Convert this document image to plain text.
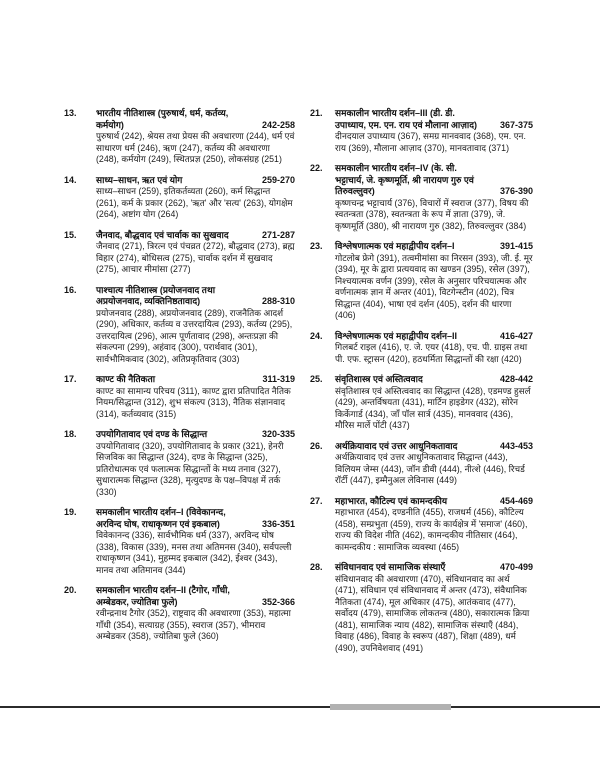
13.	भारतीय नीतिशास्त्र (पुरुषार्थ, धर्म, कर्तव्य, कर्मयोग)	242-258
पुरुषार्थ (242), श्रेयस तथा प्रेयस की अवधारणा (244), धर्म एवं साधारण धर्म (246), ऋण (247), कर्तव्य की अवधारणा (248), कर्मयोग (249), स्थितप्रज्ञ (250), लोकसंग्रह (251)
14.	साध्य–साधन, ऋत एवं योग	259-270
साध्य–साधन (259), इतिकर्तव्यता (260), कर्म सिद्धान्त (261), कर्म के प्रकार (262), 'ऋत' और 'सत्य' (263), योगक्षेम (264), अष्टांग योग (264)
15.	जैनवाद, बौद्धवाद एवं चार्वाक का सुखवाद	271-287
जैनवाद (271), त्रिरत्न एवं पंचव्रत (272), बौद्धवाद (273), ब्रह्म विहार (274), बोधिसत्व (275), चार्वाक दर्शन में सुखवाद (275), आचार मीमांसा (277)
16.	पाश्चात्य नीतिशास्त्र (प्रयोजनवाद तथा अप्रयोजनवाद, व्यक्तिनिष्ठतावाद)	288-310
प्रयोजनवाद (288), अप्रयोजनवाद (289), राजनैतिक आदर्श (290), अधिकार, कर्तव्य व उत्तरदायित्व (293), कर्तव्य (295), उत्तरदायित्व (296), आत्म पूर्णतावाद (298), अन्तःप्रज्ञा की संकल्पना (299), अहंवाद (300), परार्थवाद (301), सार्वभौमिकवाद (302), अतिप्रकृतिवाद (303)
17.	काण्ट की नैतिकता	311-319
काण्ट का सामान्य परिचय (311), काण्ट द्वारा प्रतिपादित नैतिक नियम/सिद्धान्त (312), शुभ संकल्प (313), नैतिक संज्ञानवाद (314), कर्तव्यवाद (315)
18.	उपयोगितावाद एवं दण्ड के सिद्धान्त	320-335
उपयोगितावाद (320), उपयोगितावाद के प्रकार (321), हेनरी सिजविक का सिद्धान्त (324), दण्ड के सिद्धान्त (325), प्रतिरोधात्मक एवं फलात्मक सिद्धान्तों के मध्य तनाव (327), सुधारात्मक सिद्धान्त (328), मृत्युदण्ड के पक्ष–विपक्ष में तर्क (330)
19.	समकालीन भारतीय दर्शन–I (विवेकानन्द, अरविन्द घोष, राधाकृष्णन एवं इकबाल)	336-351
विवेकानन्द (336), सार्वभौमिक धर्म (337), अरविन्द घोष (338), विकास (339), मनस तथा अतिमनस (340), सर्वपल्ली राधाकृष्णन (341), मुहम्मद इकबाल (342), ईश्वर (343), मानव तथा अतिमानव (344)
20.	समकालीन भारतीय दर्शन–II (टैगोर, गाँधी, अम्बेडकर, ज्योतिबा फुले)	352-366
रवीन्द्रनाथ टैगोर (352), राष्ट्रवाद की अवधारणा (353), महात्मा गाँधी (354), सत्याग्रह (355), स्वराज (357), भीमराव अम्बेडकर (358), ज्योतिबा फुले (360)
21.	समकालीन भारतीय दर्शन–III (डी. डी. उपाध्याय, एम. एन. राय एवं मौलाना आज़ाद)	367-375
दीनदयाल उपाध्याय (367), समग्र मानववाद (368), एम. एन. राय (369), मौलाना आज़ाद (370), मानवतावाद (371)
22.	समकालीन भारतीय दर्शन–IV (के. सी. भट्टाचार्य, जे. कृष्णमूर्ति, श्री नारायण गुरु एवं तिरुवल्लुवर)	376-390
कृष्णचन्द्र भट्टाचार्य (376), विचारों में स्वराज (377), विषय की स्वतन्त्रता (378), स्वतन्त्रता के रूप में ज्ञाता (379), जे. कृष्णमूर्ति (380), श्री नारायण गुरु (382), तिरुवल्लुवर (384)
23.	विश्लेषणात्मक एवं महाद्वीपीय दर्शन–I	391-415
गोटलोब फ्रेगे (391), तत्वमीमांसा का निरसन (393), जी. ई. मूर (394), मूर के द्वारा प्रत्ययवाद का खण्डन (395), रसेल (397), निश्चयात्मक वर्णन (399), रसेल के अनुसार परिचयात्मक और वर्णनात्मक ज्ञान में अन्तर (401), विटगेन्स्टीन (402), चित्र सिद्धान्त (404), भाषा एवं दर्शन (405), दर्शन की धारणा (406)
24.	विश्लेषणात्मक एवं महाद्वीपीय दर्शन–II	416-427
गिलबर्ट राइल (416), ए. जे. एयर (418), एच. पी. ग्राइस तथा पी. एफ. स्ट्रासन (420), हठधर्मिता सिद्धान्तों की रक्षा (420)
25.	संवृतिशास्त्र एवं अस्तित्ववाद	428-442
संवृतिशास्त्र एवं अस्तित्ववाद का सिद्धान्त (428), एडमण्ड हुसर्ल (429), अन्तर्विषयता (431), मार्टिन हाइडेगर (432), सोरेन किर्केगार्ड (434), जाँ पॉल सार्त्र (435), मानववाद (436), मौरिस मार्ले पोंटी (437)
26.	अर्थक्रियावाद एवं उत्तर आधुनिकतावाद	443-453
अर्थक्रियावाद एवं उत्तर आधुनिकतावाद सिद्धान्त (443), विलियम जेम्स (443), जॉन डीवी (444), नीत्शे (446), रिचर्ड रॉर्टी (447), इम्मैनुअल लेविनास (449)
27.	महाभारत, कौटिल्य एवं कामन्दकीय	454-469
महाभारत (454), दण्डनीति (455), राजधर्म (456), कौटिल्य (458), सम्प्रभुता (459), राज्य के कार्यक्षेत्र में 'समाज' (460), राज्य की विदेश नीति (462), कामन्दकीय नीतिसार (464), कामन्दकीय : सामाजिक व्यवस्था (465)
28.	संविधानवाद एवं सामाजिक संस्थाएँ	470-499
संविधानवाद की अवधारणा (470), संविधानवाद का अर्थ (471), संविधान एवं संविधानवाद में अन्तर (473), संवैधानिक नैतिकता (474), मूल अधिकार (475), आतंकवाद (477), सर्वोदय (479), सामाजिक लोकतन्त्र (480), सकारात्मक क्रिया (481), सामाजिक न्याय (482), सामाजिक संस्थाएँ (484), विवाह (486), विवाह के स्वरूप (487), शिक्षा (489), धर्म (490), उपनिवेशवाद (491)
